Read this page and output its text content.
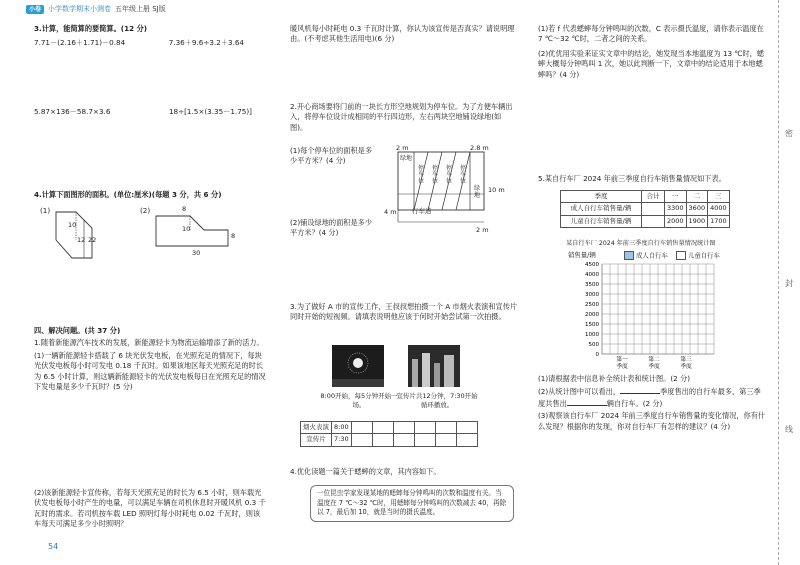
小卷	小学数学期末小测卷 五年级上册 SJ版

3.计算，能简算的要简算。(12 分)

7.71－(2.16＋1.71)－0.84	7.36＋9.6÷3.2＋3.64
5.87×136－58.7×3.6	18÷[1.5×(3.35－1.75)]

4.计算下面图形的面积。(单位:厘米)(每题 3 分，共 6 分)

(1)
10
12 22
(2)	8
10
30
8

四、解决问题。(共 37 分)

1.随着新能源汽车技术的发展，新能源轻卡为物流运输增添了新的活力。

(1)一辆新能源轻卡搭载了 6 块光伏发电板，在光照充足的情况下，每块光伏发电板每小时可发电 0.18 千瓦时。如果该地区每天光照充足的时长为 6.5 小时计算，则这辆新能源轻卡的光伏发电板每日在光照充足的情况下发电量是多少千瓦时？(5 分)

(2)该新能源轻卡宣传称，若每天光照充足的时长为 6.5 小时，则车载光伏发电板每小时产生的电量，可以满足车辆在司机休息时开暖风机 0.3 千瓦时的需求。若司机按车载 LED 照明灯每小时耗电 0.02 千瓦时，则该车每天可满足多少小时照明？

暖风机每小时耗电 0.3 千瓦时计算，你认为该宣传是否真实？请说明理由。(不考虑其他生活用电)(6 分)

2.开心商场要将门前的一块长方形空地规划为停车位。为了方便车辆出入，将停车位设计成相同的平行四边形，左右两块空地铺设绿地(如图)。

(1)每个停车位的面积是多少平方米？(4 分)

(2)铺设绿地的面积是多少平方米？(4 分)

2 m	2.8 m
10 m
4 m
2 m
绿地
绿地
停车位
停车位
停车位
停车位
行车道

3.为了做好 A 市的宣传工作，王叔叔想拍摄一个 A 市烟火表演和宣传片同时开始的短视频。请填表说明他应该于何时开始尝试第一次拍摄。

8:00开始，每5分钟开始一场。
宣传片共12分钟，7:30开始循环播放。
烟火表演	8:00						
宣传片	7:30						

4.优化读题一篇关于蟋蟀的文章，其内容如下。

一位昆虫学家发现某地的蟋蟀每分钟鸣叫的次数和温度有关。当温度在 7 ℃～32 ℃时，用蟋蟀每分钟鸣叫的次数减去 40，再除以 7，最后加 10，就是当时的摄氏温度。

(1)若 f 代表蟋蟀每分钟鸣叫的次数，C 表示摄氏温度，请你表示温度在 7 ℃～32 ℃时，二者之间的关系。

(2)优优用实验来证实文章中的结论，她发现当本地温度为 13 ℃时，蟋蟀大概每分钟鸣叫 1 次，她以此判断一下，文章中的结论适用于本地蟋蟀吗？(4 分)

5.某自行车厂 2024 年前三季度自行车销售量情况如下表。

季度	合计	一	二	三
成人自行车销售量/辆		3300	3600	4000
儿童自行车销售量/辆		2000	1900	1700
某自行车厂 2024 年前三季度自行车销售量情况统计图
销售量/辆	成人自行车	儿童自行车
4500
4000
3500
3000
2500
2000
1500
1000
500
0
第一
季度
第二
季度
第三
季度

(1)请根据表中信息补全统计表和统计图。(2 分)

(2)从统计图中可以看出，	季度售出的自行车最多，第三季度共售出	辆自行车。(2 分)

(3)观察该自行车厂 2024 年前三季度自行车销售量的变化情况，你有什么发现？根据你的发现，你对自行车厂有怎样的建议？(4 分)

密
封
线
54
